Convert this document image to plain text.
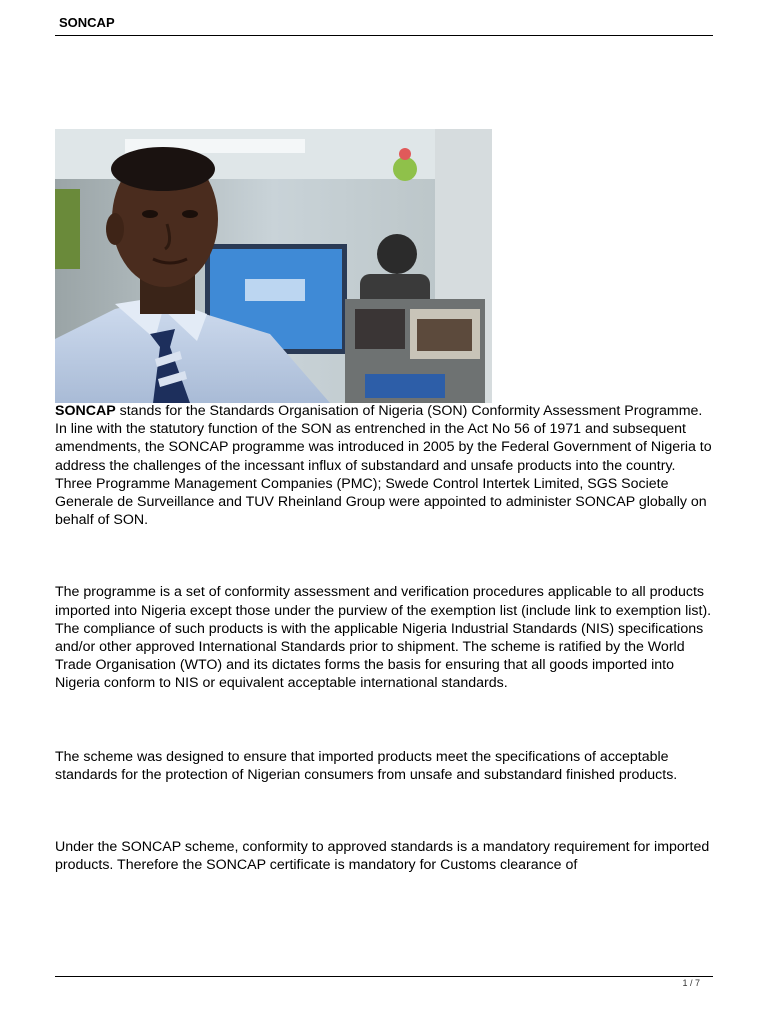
SONCAP

SONCAP stands for the Standards Organisation of Nigeria (SON) Conformity Assessment Programme.

In line with the statutory function of the SON as entrenched in the Act No 56 of 1971 and subsequent amendments, the SONCAP programme was introduced in 2005 by the Federal Government of Nigeria to address the challenges of the incessant influx of substandard and unsafe products into the country. Three Programme Management Companies (PMC); Swede Control Intertek Limited, SGS Societe Generale de Surveillance and TUV Rheinland Group were appointed to administer SONCAP globally on behalf of SON.

The programme is a set of conformity assessment and verification procedures applicable to all products imported into Nigeria except those under the purview of the exemption list (include link to exemption list). The compliance of such products is with the applicable Nigeria Industrial Standards (NIS) specifications and/or other approved International Standards prior to shipment. The scheme is ratified by the World Trade Organisation (WTO) and its dictates forms the basis for ensuring that all goods imported into Nigeria conform to NIS or equivalent acceptable international standards.

The scheme was designed to ensure that imported products meet the specifications of acceptable standards for the protection of Nigerian consumers from unsafe and substandard finished products.

Under the SONCAP scheme, conformity to approved standards is a mandatory requirement for imported products. Therefore the SONCAP certificate is mandatory for Customs clearance of

1 / 7
